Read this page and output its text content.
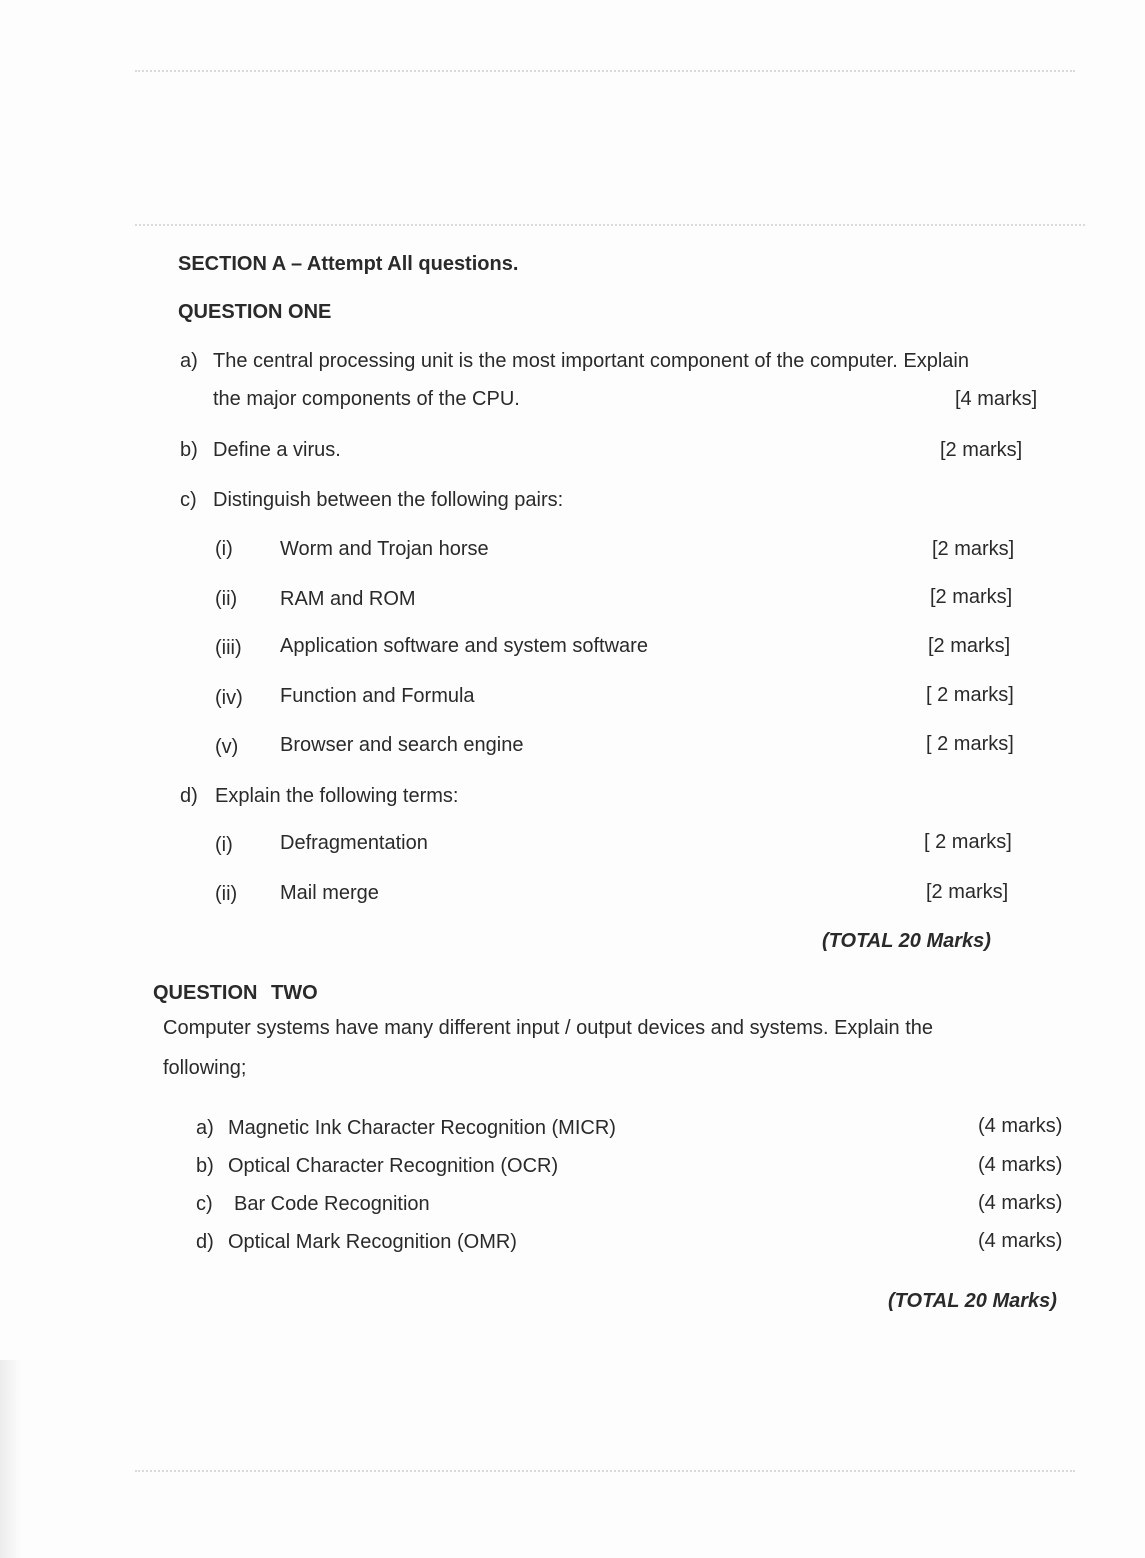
SECTION A – Attempt All questions.
QUESTION ONE
a) The central processing unit is the most important component of the computer. Explain
the major components of the CPU.	[4 marks]
b) Define a virus.	[2 marks]
c) Distinguish between the following pairs:
(i) Worm and Trojan horse	[2 marks]
(ii) RAM and ROM	[2 marks]
(iii) Application software and system software	[2 marks]
(iv) Function and Formula	[ 2 marks]
(v) Browser and search engine	[ 2 marks]
d) Explain the following terms:
(i) Defragmentation	[ 2 marks]
(ii) Mail merge	[2 marks]
(TOTAL 20 Marks)
QUESTION TWO
Computer systems have many different input / output devices and systems. Explain the
following;
a) Magnetic Ink Character Recognition (MICR)	(4 marks)
b) Optical Character Recognition (OCR)	(4 marks)
c) Bar Code Recognition	(4 marks)
d) Optical Mark Recognition (OMR)	(4 marks)
(TOTAL 20 Marks)
